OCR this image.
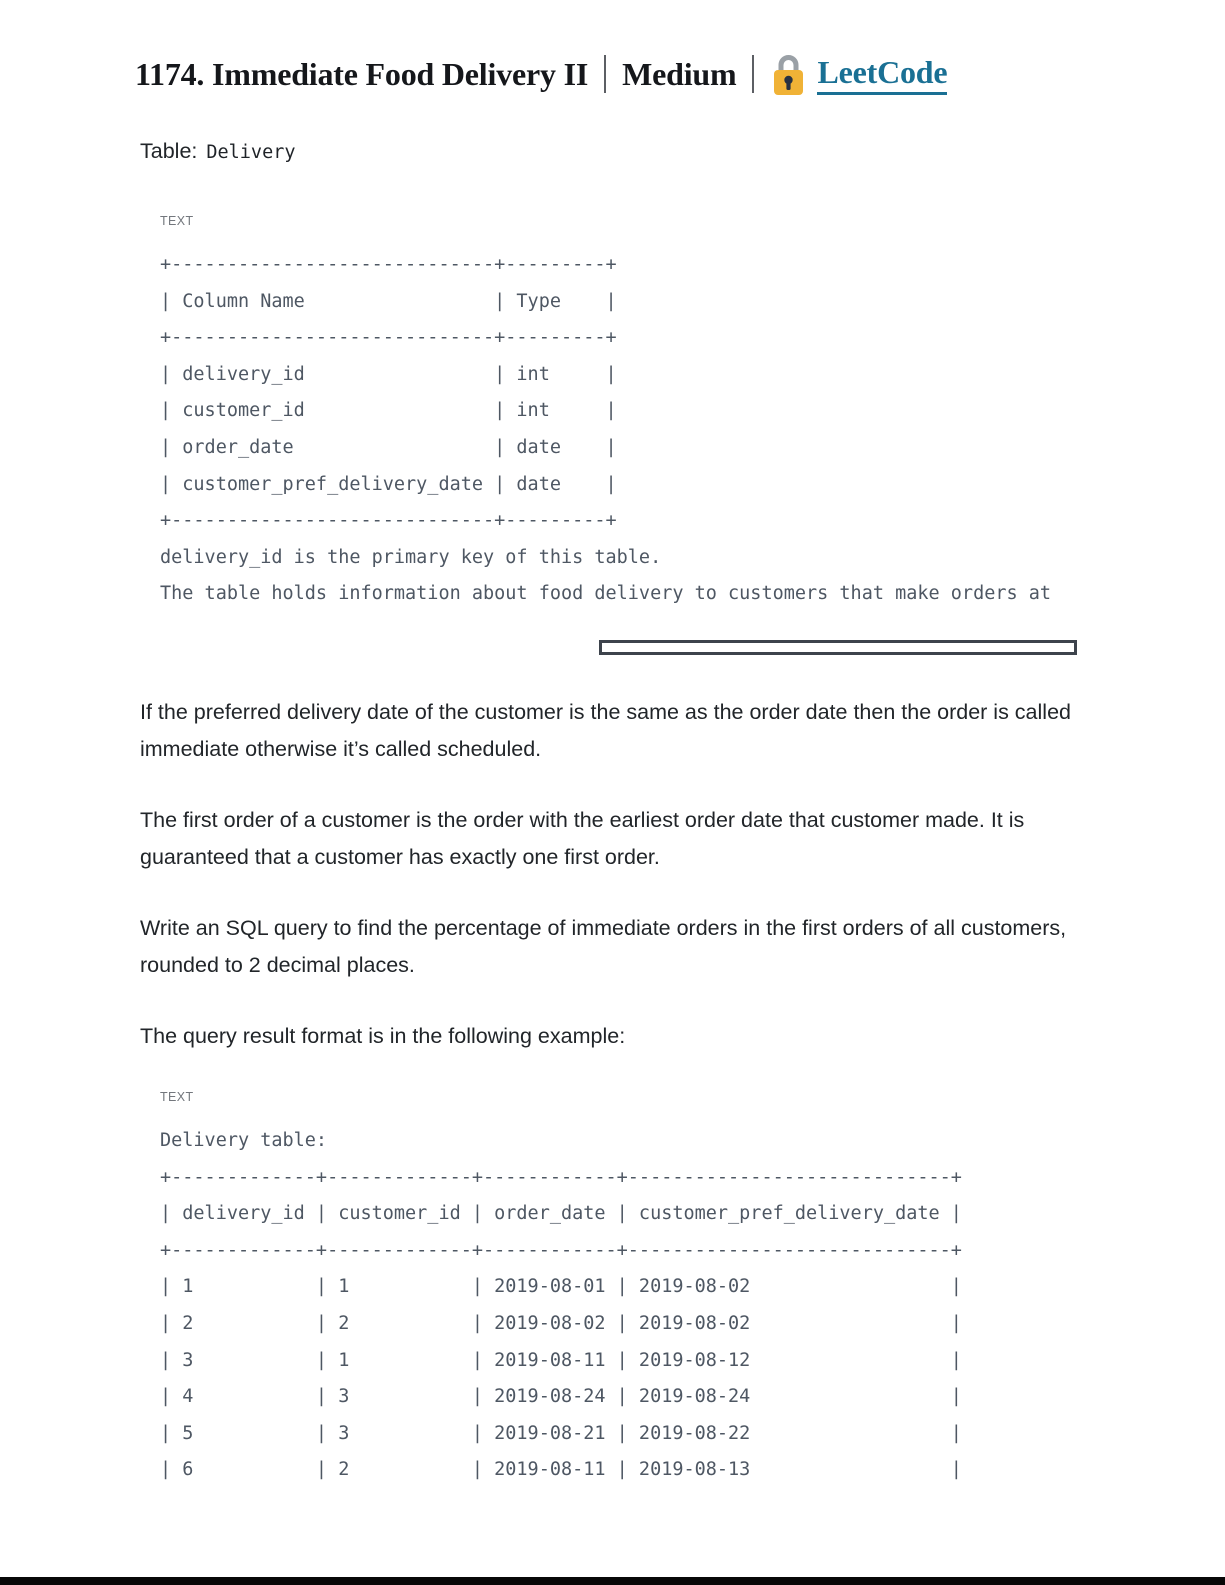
1174. Immediate Food Delivery II Medium	LeetCode
Table: Delivery
TEXT
+-----------------------------+---------+
| Column Name                 | Type    |
+-----------------------------+---------+
| delivery_id                 | int     |
| customer_id                 | int     |
| order_date                  | date    |
| customer_pref_delivery_date | date    |
+-----------------------------+---------+
delivery_id is the primary key of this table.
The table holds information about food delivery to customers that make orders at
If the preferred delivery date of the customer is the same as the order date then the order is called immediate otherwise it’s called scheduled.
The first order of a customer is the order with the earliest order date that customer made. It is guaranteed that a customer has exactly one first order.
Write an SQL query to find the percentage of immediate orders in the first orders of all customers, rounded to 2 decimal places.
The query result format is in the following example:
TEXT
Delivery table:
+-------------+-------------+------------+-----------------------------+
| delivery_id | customer_id | order_date | customer_pref_delivery_date |
+-------------+-------------+------------+-----------------------------+
| 1           | 1           | 2019-08-01 | 2019-08-02                  |
| 2           | 2           | 2019-08-02 | 2019-08-02                  |
| 3           | 1           | 2019-08-11 | 2019-08-12                  |
| 4           | 3           | 2019-08-24 | 2019-08-24                  |
| 5           | 3           | 2019-08-21 | 2019-08-22                  |
| 6           | 2           | 2019-08-11 | 2019-08-13                  |
